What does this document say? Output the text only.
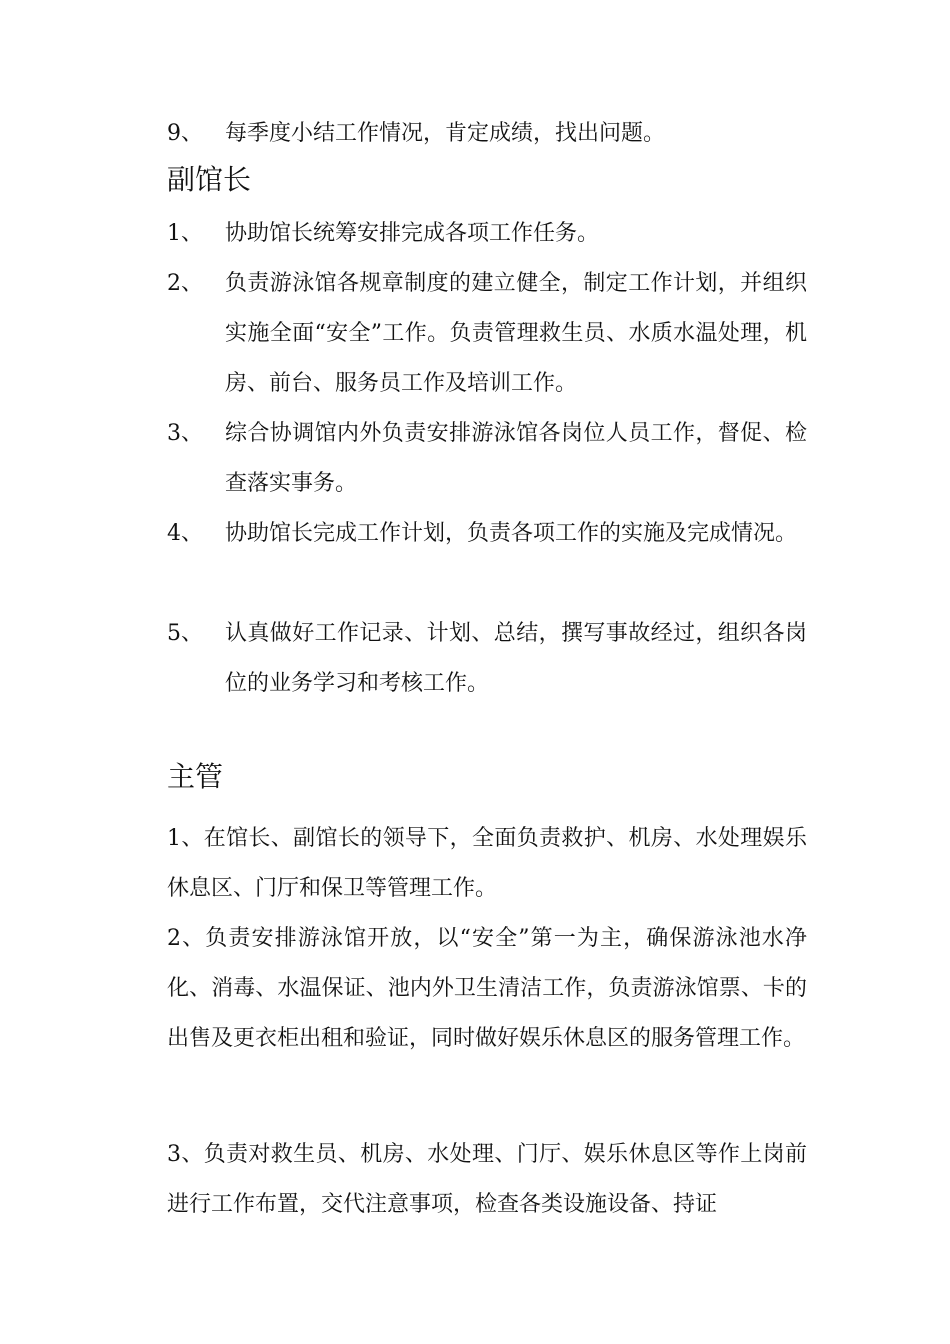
9、	每季度小结工作情况，肯定成绩，找出问题。
副馆长
1、	协助馆长统筹安排完成各项工作任务。
2、	负责游泳馆各规章制度的建立健全，制定工作计划，并组织实施全面“安全”工作。负责管理救生员、水质水温处理，机房、前台、服务员工作及培训工作。
3、	综合协调馆内外负责安排游泳馆各岗位人员工作，督促、检查落实事务。
4、	协助馆长完成工作计划，负责各项工作的实施及完成情况。
5、	认真做好工作记录、计划、总结，撰写事故经过，组织各岗位的业务学习和考核工作。
主管
1、在馆长、副馆长的领导下，全面负责救护、机房、水处理娱乐休息区、门厅和保卫等管理工作。
2、负责安排游泳馆开放，以“安全”第一为主，确保游泳池水净化、消毒、水温保证、池内外卫生清洁工作，负责游泳馆票、卡的出售及更衣柜出租和验证，同时做好娱乐休息区的服务管理工作。
3、负责对救生员、机房、水处理、门厅、娱乐休息区等作上岗前进行工作布置，交代注意事项，检查各类设施设备、持证
